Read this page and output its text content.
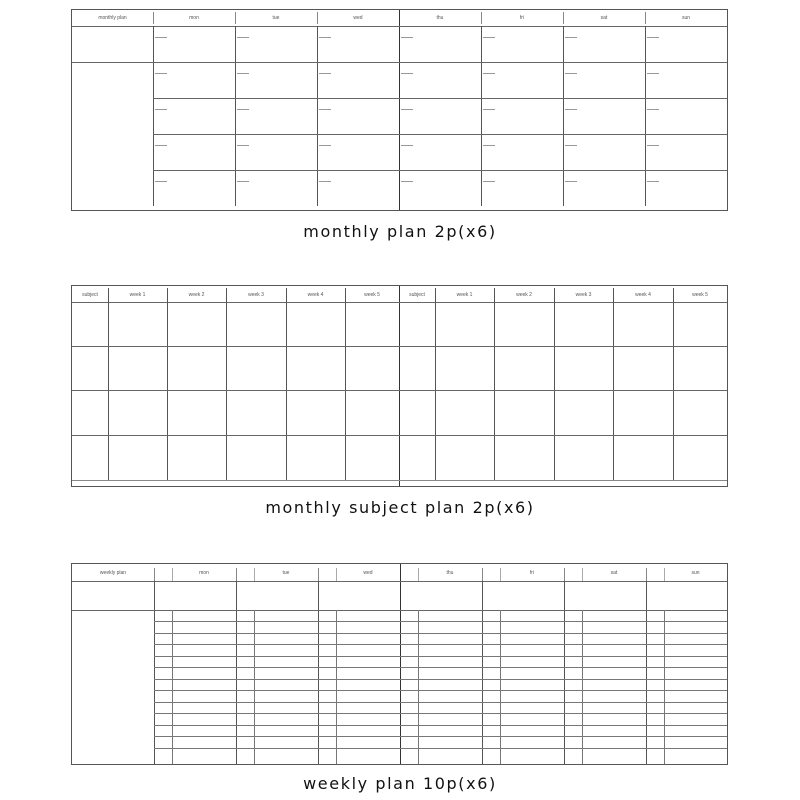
monthly plan	mon	tue	wed	thu	fri	sat	sun
monthly plan 2p(x6)
subject	week 1	week 2	week 3	week 4	week 5	subject	week 1	week 2	week 3	week 4	week 5
monthly subject plan 2p(x6)
weekly plan	mon	tue	wed	thu	fri	sat	sun
weekly plan 10p(x6)
